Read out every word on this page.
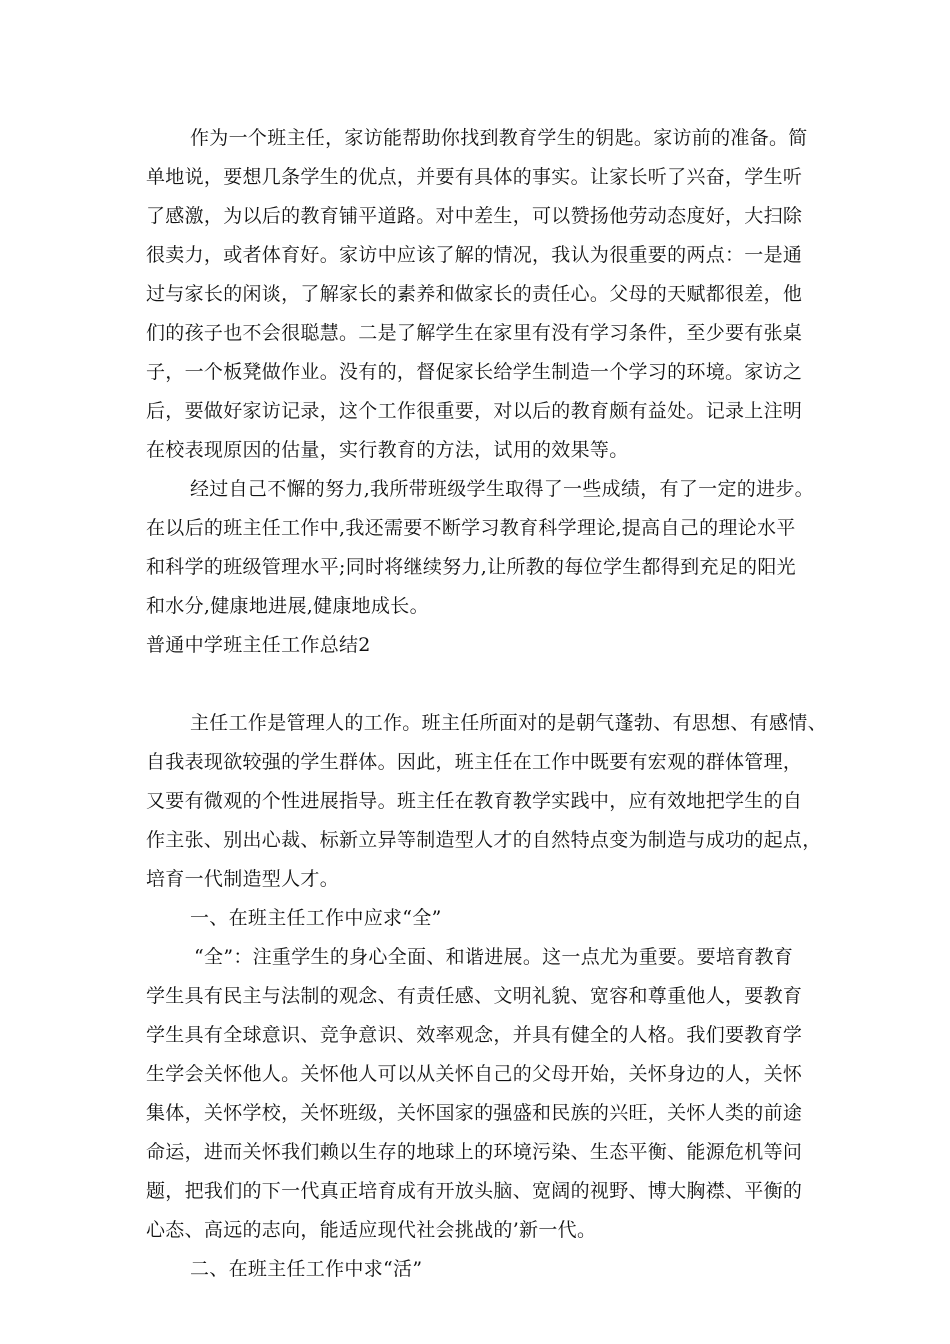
作为一个班主任，家访能帮助你找到教育学生的钥匙。家访前的准备。简
单地说，要想几条学生的优点，并要有具体的事实。让家长听了兴奋，学生听
了感激，为以后的教育铺平道路。对中差生，可以赞扬他劳动态度好，大扫除
很卖力，或者体育好。家访中应该了解的情况，我认为很重要的两点：一是通
过与家长的闲谈，了解家长的素养和做家长的责任心。父母的天赋都很差，他
们的孩子也不会很聪慧。二是了解学生在家里有没有学习条件，至少要有张桌
子，一个板凳做作业。没有的，督促家长给学生制造一个学习的环境。家访之
后，要做好家访记录，这个工作很重要，对以后的教育颇有益处。记录上注明
在校表现原因的估量，实行教育的方法，试用的效果等。
经过自己不懈的努力,我所带班级学生取得了一些成绩，有了一定的进步。
在以后的班主任工作中,我还需要不断学习教育科学理论,提高自己的理论水平
和科学的班级管理水平;同时将继续努力,让所教的每位学生都得到充足的阳光
和水分,健康地进展,健康地成长。
普通中学班主任工作总结2
主任工作是管理人的工作。班主任所面对的是朝气蓬勃、有思想、有感情、
自我表现欲较强的学生群体。因此，班主任在工作中既要有宏观的群体管理，
又要有微观的个性进展指导。班主任在教育教学实践中，应有效地把学生的自
作主张、别出心裁、标新立异等制造型人才的自然特点变为制造与成功的起点，
培育一代制造型人才。
一、在班主任工作中应求“全”
“全”：注重学生的身心全面、和谐进展。这一点尤为重要。要培育教育
学生具有民主与法制的观念、有责任感、文明礼貌、宽容和尊重他人，要教育
学生具有全球意识、竞争意识、效率观念，并具有健全的人格。我们要教育学
生学会关怀他人。关怀他人可以从关怀自己的父母开始，关怀身边的人，关怀
集体，关怀学校，关怀班级，关怀国家的强盛和民族的兴旺，关怀人类的前途
命运，进而关怀我们赖以生存的地球上的环境污染、生态平衡、能源危机等问
题，把我们的下一代真正培育成有开放头脑、宽阔的视野、博大胸襟、平衡的
心态、高远的志向，能适应现代社会挑战的’新一代。
二、在班主任工作中求“活”
